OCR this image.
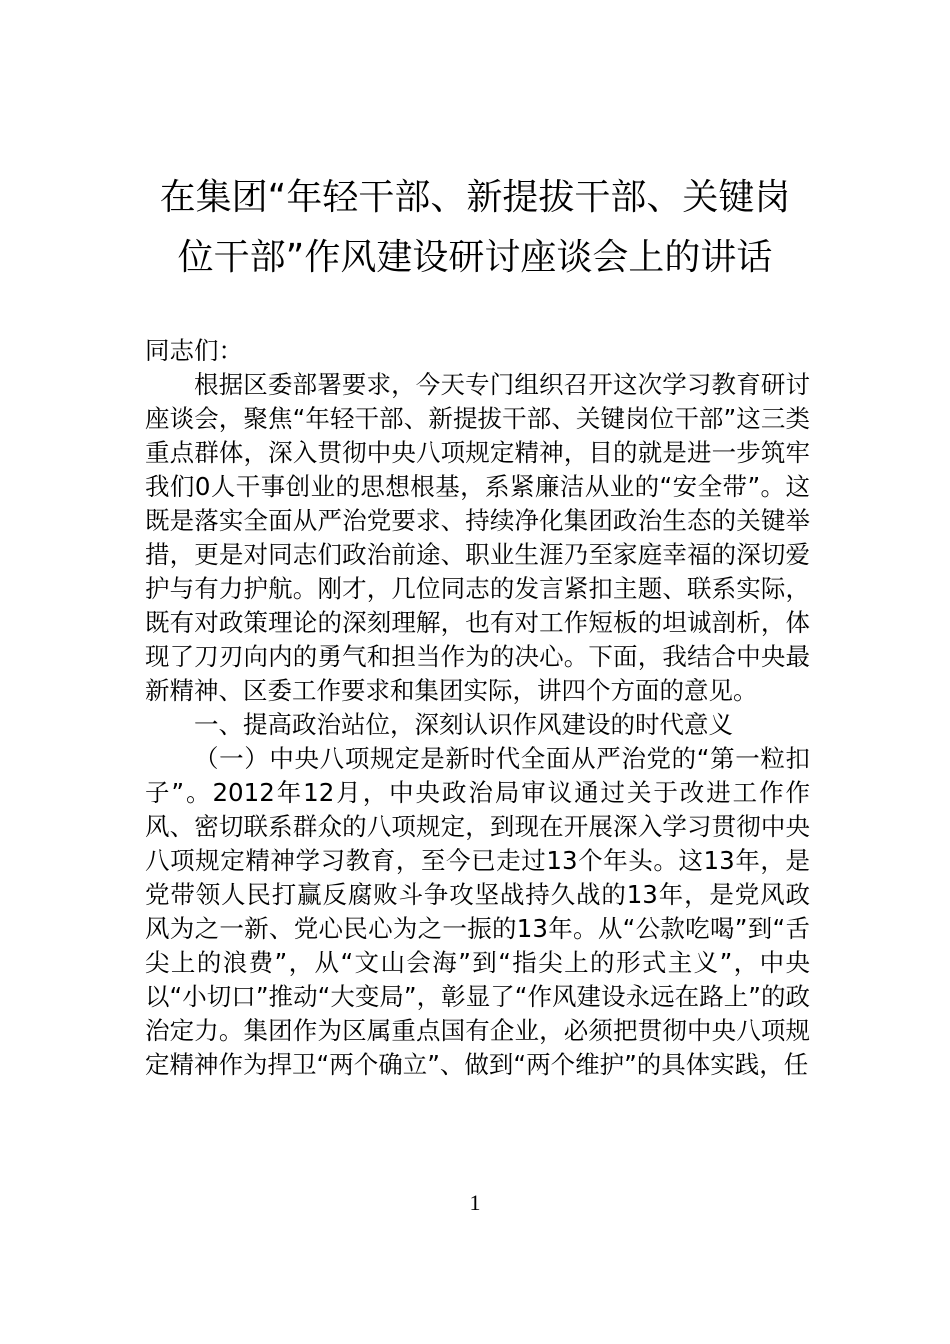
在集团“年轻干部、新提拔干部、关键岗
位干部”作风建设研讨座谈会上的讲话

同志们：

根据区委部署要求，今天专门组织召开这次学习教育研讨座谈会，聚焦“年轻干部、新提拔干部、关键岗位干部”这三类重点群体，深入贯彻中央八项规定精神，目的就是进一步筑牢我们0人干事创业的思想根基，系紧廉洁从业的“安全带”。这既是落实全面从严治党要求、持续净化集团政治生态的关键举措，更是对同志们政治前途、职业生涯乃至家庭幸福的深切爱护与有力护航。刚才，几位同志的发言紧扣主题、联系实际，既有对政策理论的深刻理解，也有对工作短板的坦诚剖析，体现了刀刃向内的勇气和担当作为的决心。下面，我结合中央最新精神、区委工作要求和集团实际，讲四个方面的意见。

一、提高政治站位，深刻认识作风建设的时代意义

（一）中央八项规定是新时代全面从严治党的“第一粒扣子”。2012年12月，中央政治局审议通过关于改进工作作风、密切联系群众的八项规定，到现在开展深入学习贯彻中央八项规定精神学习教育，至今已走过13个年头。这13年，是党带领人民打赢反腐败斗争攻坚战持久战的13年，是党风政风为之一新、党心民心为之一振的13年。从“公款吃喝”到“舌尖上的浪费”，从“文山会海”到“指尖上的形式主义”，中央以“小切口”推动“大变局”，彰显了“作风建设永远在路上”的政治定力。集团作为区属重点国有企业，必须把贯彻中央八项规定精神作为捍卫“两个确立”、做到“两个维护”的具体实践，任

1
